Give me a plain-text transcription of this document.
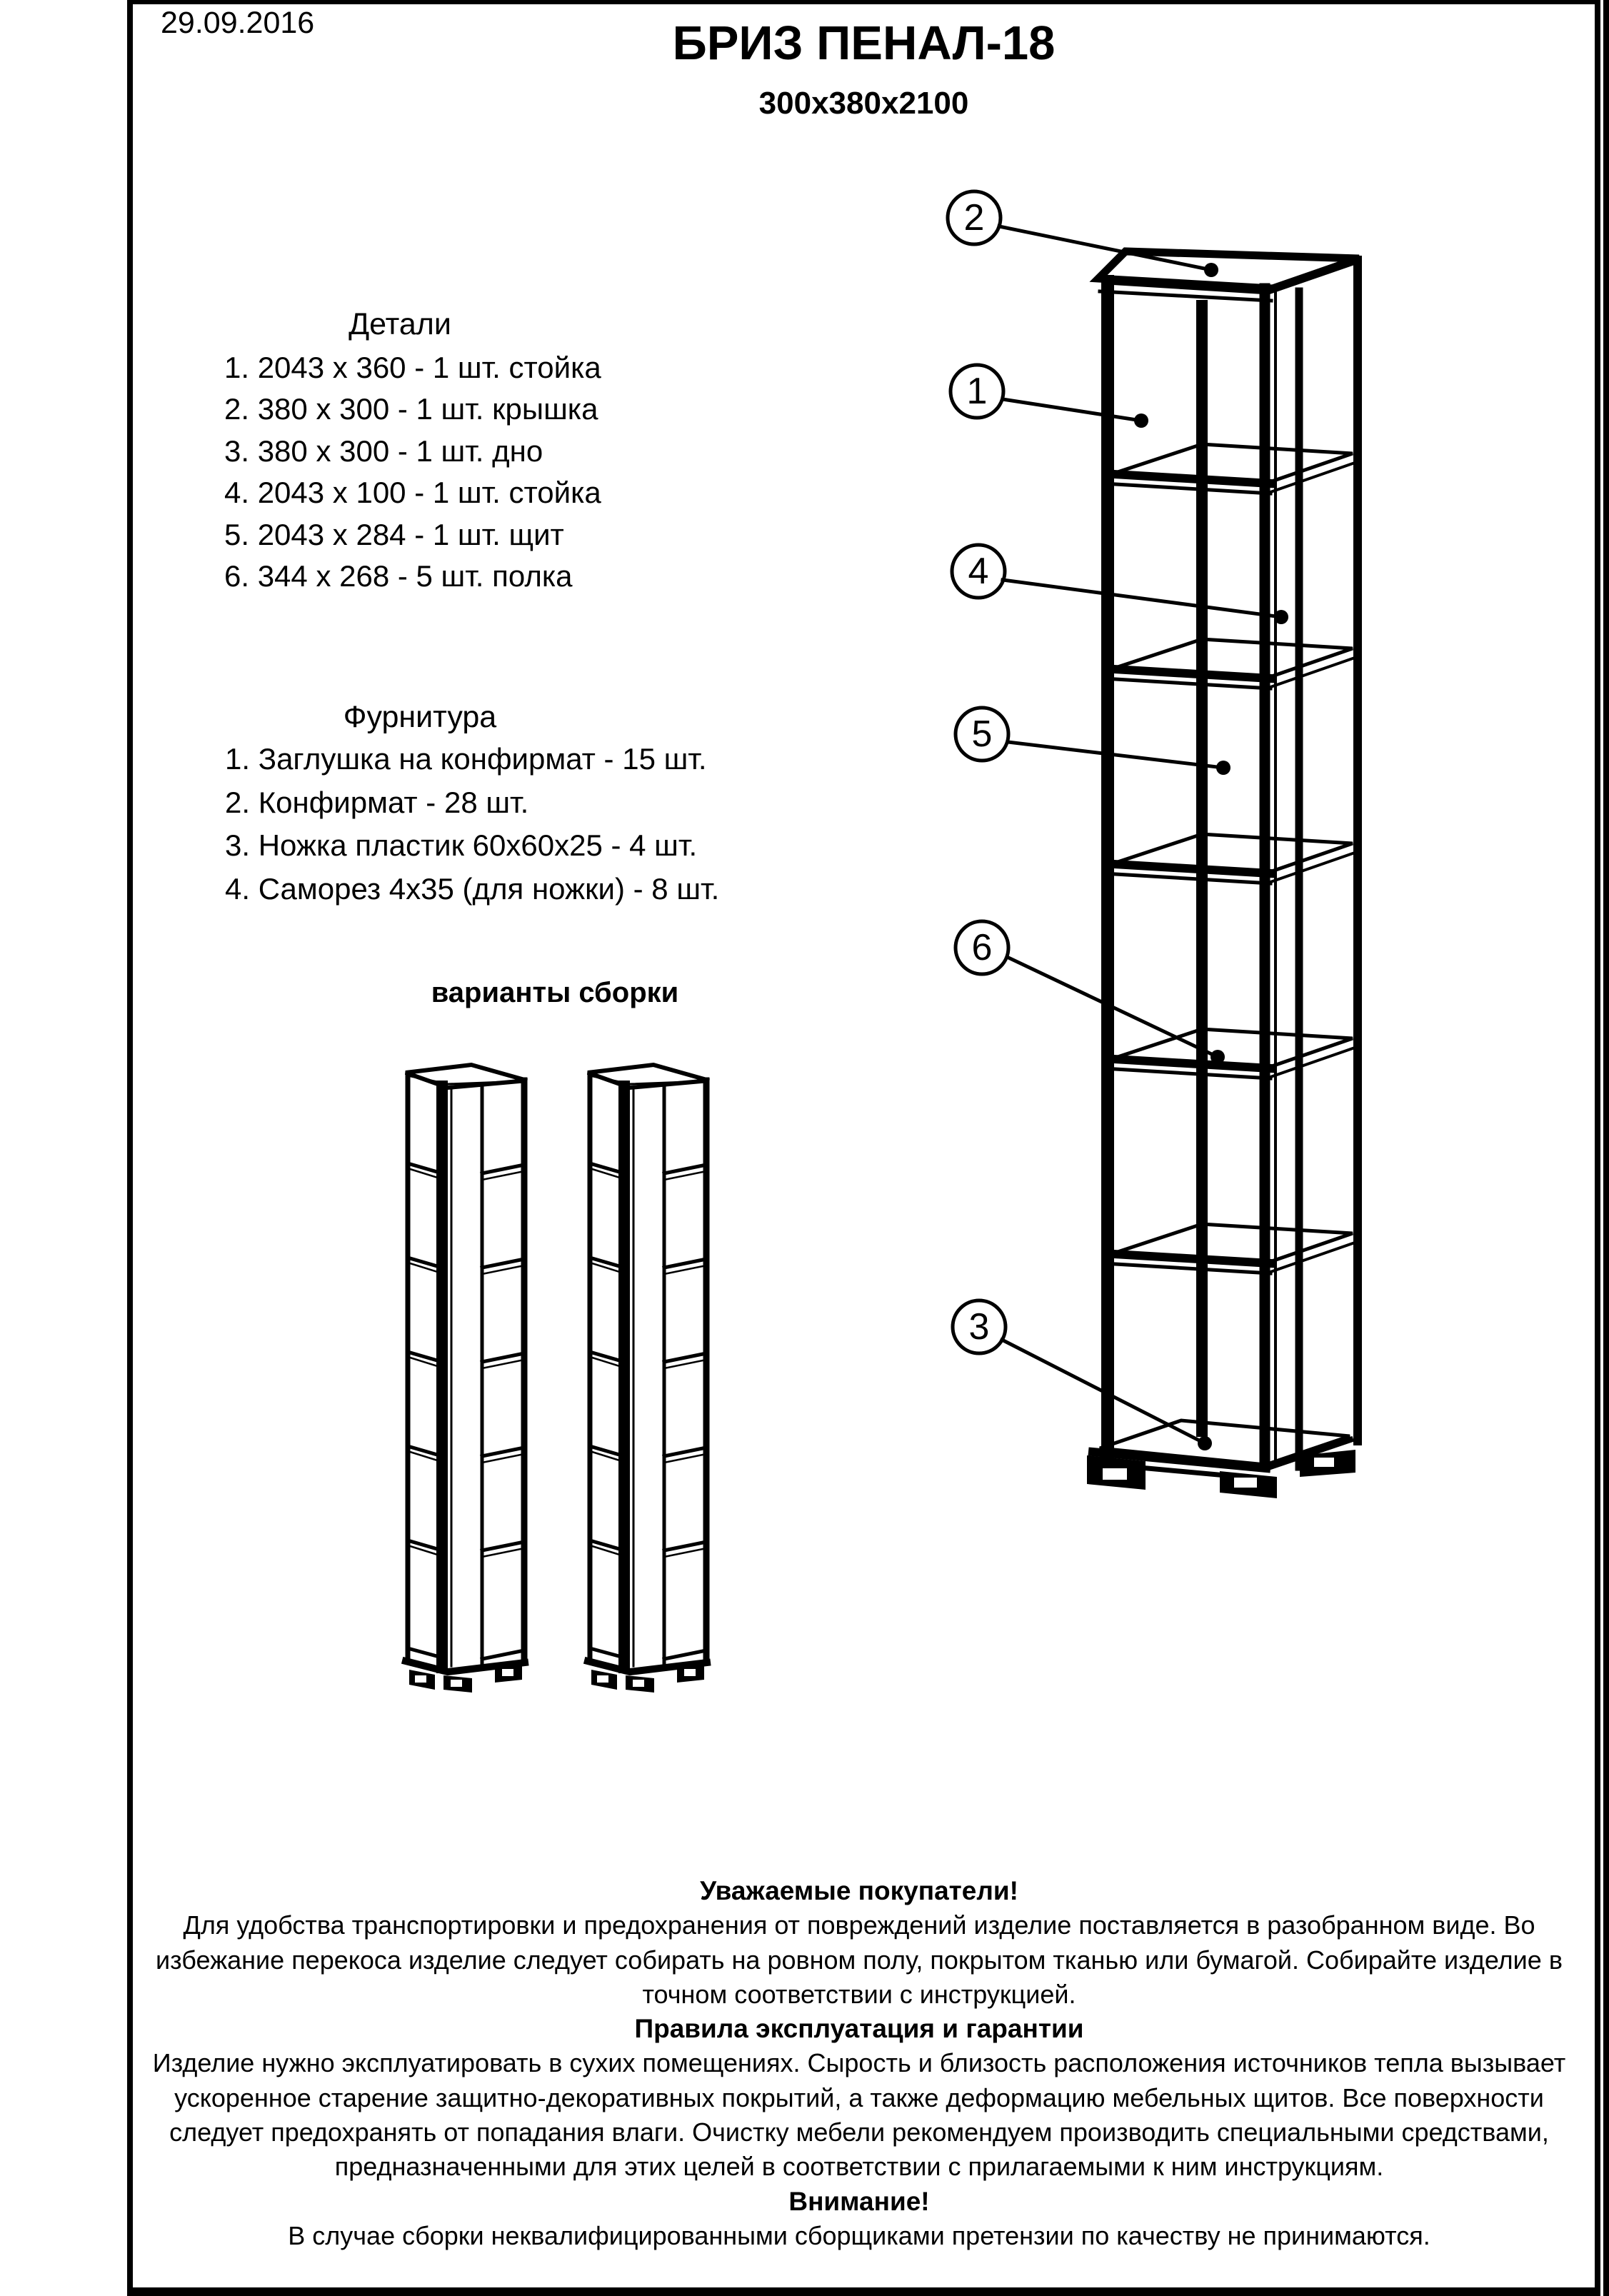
29.09.2016	БРИЗ ПЕНАЛ-18
300х380х2100
Детали
1. 2043 х 360 - 1 шт. стойка
2. 380 х 300 - 1 шт. крышка
3. 380 х 300 - 1 шт. дно
4. 2043 х 100 - 1 шт. стойка
5. 2043 х 284 - 1 шт. щит
6. 344 х 268 - 5 шт. полка
Фурнитура
1. Заглушка на конфирмат - 15 шт.
2. Конфирмат - 28 шт.
3. Ножка пластик 60х60х25 - 4 шт.
4. Саморез 4х35 (для ножки) - 8 шт.
варианты сборки
2
1
4
5
6
3
Уважаемые покупатели!
Для удобства транспортировки и предохранения от повреждений изделие поставляется в разобранном виде. Во
избежание перекоса изделие следует собирать на ровном полу, покрытом тканью или бумагой. Собирайте изделие в
точном соответствии с инструкцией.
Правила эксплуатация и гарантии
Изделие нужно эксплуатировать в сухих помещениях. Сырость и близость расположения источников тепла вызывает
ускоренное старение защитно-декоративных покрытий, а также деформацию мебельных щитов. Все поверхности
следует предохранять от попадания влаги. Очистку мебели рекомендуем производить специальными средствами,
предназначенными для этих целей в соответствии с прилагаемыми к ним инструкциям.
Внимание!
В случае сборки неквалифицированными сборщиками претензии по качеству не принимаются.
